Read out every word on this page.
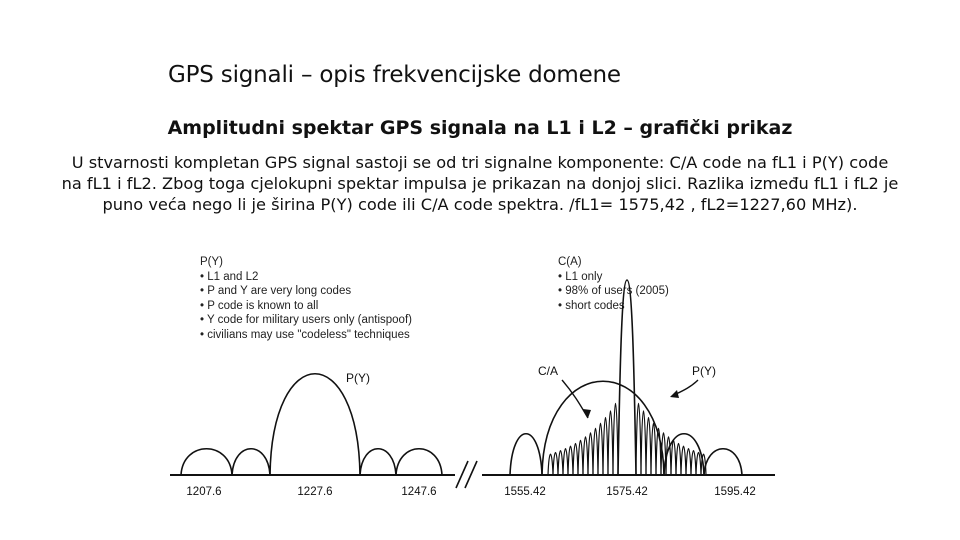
GPS signali – opis frekvencijske domene
Amplitudni spektar GPS signala na L1 i L2 – grafički prikaz
U stvarnosti kompletan GPS signal sastoji se od tri signalne komponente: C/A code na fL1 i P(Y) code na fL1 i fL2. Zbog toga cjelokupni spektar impulsa je prikazan na donjoj slici. Razlika između fL1 i fL2 je puno veća nego li je širina P(Y) code ili C/A code spektra. /fL1= 1575,42 , fL2=1227,60 MHz).
P(Y)
• L1 and L2
• P and Y are very long codes
• P code is known to all
• Y code for military users only (antispoof)
• civilians may use "codeless" techniques
C(A)
• L1 only
• 98% of users (2005)
• short codes
P(Y)	C/A	P(Y)
1207.6	1227.6	1247.6	1555.42	1575.42	1595.42
